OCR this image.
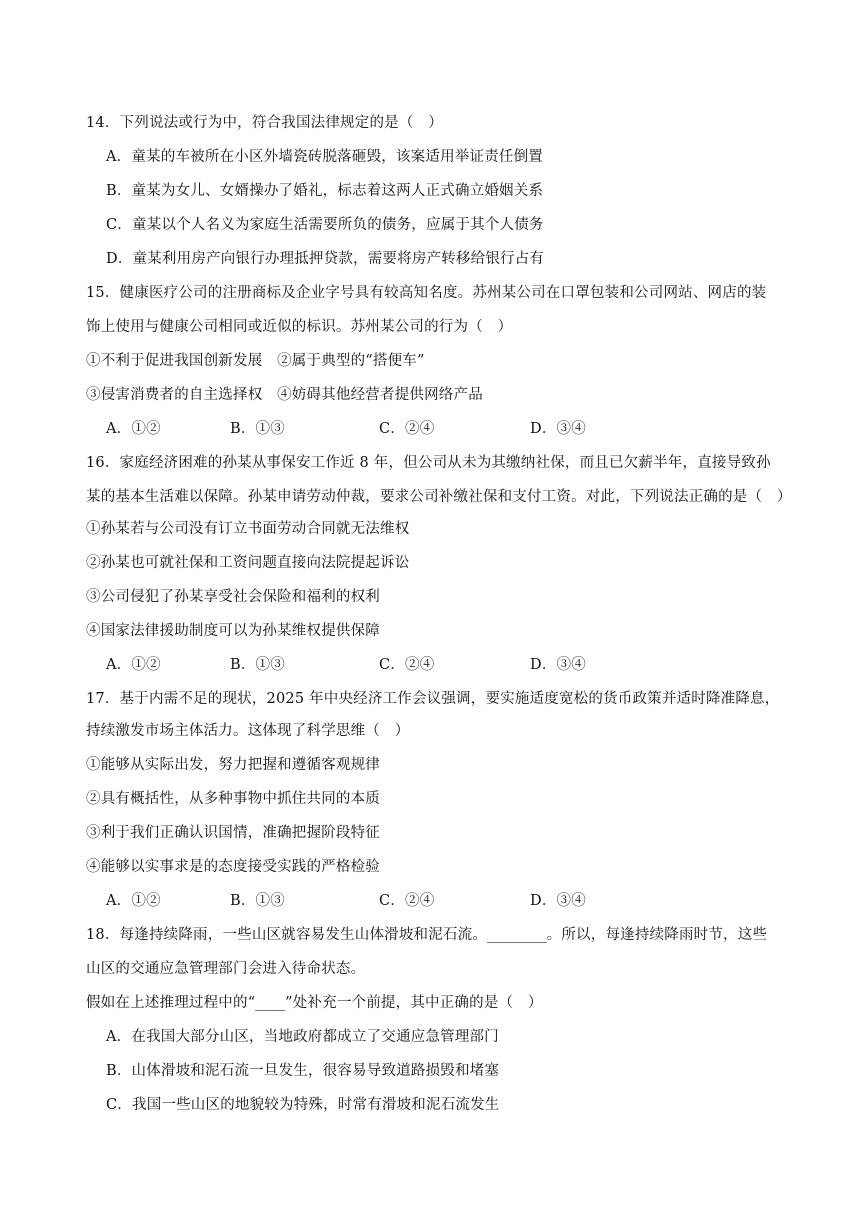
14．下列说法或行为中，符合我国法律规定的是（　）
A．童某的车被所在小区外墙瓷砖脱落砸毁，该案适用举证责任倒置
B．童某为女儿、女婿操办了婚礼，标志着这两人正式确立婚姻关系
C．童某以个人名义为家庭生活需要所负的债务，应属于其个人债务
D．童某利用房产向银行办理抵押贷款，需要将房产转移给银行占有
15．健康医疗公司的注册商标及企业字号具有较高知名度。苏州某公司在口罩包装和公司网站、网店的装
饰上使用与健康公司相同或近似的标识。苏州某公司的行为（　）
①不利于促进我国创新发展　②属于典型的“搭便车”
③侵害消费者的自主选择权　④妨碍其他经营者提供网络产品
A．①②	B．①③	C．②④	D．③④
16．家庭经济困难的孙某从事保安工作近 8 年，但公司从未为其缴纳社保，而且已欠薪半年，直接导致孙
某的基本生活难以保障。孙某申请劳动仲裁，要求公司补缴社保和支付工资。对此，下列说法正确的是（　）
①孙某若与公司没有订立书面劳动合同就无法维权
②孙某也可就社保和工资问题直接向法院提起诉讼
③公司侵犯了孙某享受社会保险和福利的权利
④国家法律援助制度可以为孙某维权提供保障
A．①②	B．①③	C．②④	D．③④
17．基于内需不足的现状，2025 年中央经济工作会议强调，要实施适度宽松的货币政策并适时降准降息，
持续激发市场主体活力。这体现了科学思维（　）
①能够从实际出发，努力把握和遵循客观规律
②具有概括性，从多种事物中抓住共同的本质
③利于我们正确认识国情，准确把握阶段特征
④能够以实事求是的态度接受实践的严格检验
A．①②	B．①③	C．②④	D．③④
18．每逢持续降雨，一些山区就容易发生山体滑坡和泥石流。________。所以，每逢持续降雨时节，这些
山区的交通应急管理部门会进入待命状态。
假如在上述推理过程中的“____”处补充一个前提，其中正确的是（　）
A．在我国大部分山区，当地政府都成立了交通应急管理部门
B．山体滑坡和泥石流一旦发生，很容易导致道路损毁和堵塞
C．我国一些山区的地貌较为特殊，时常有滑坡和泥石流发生
